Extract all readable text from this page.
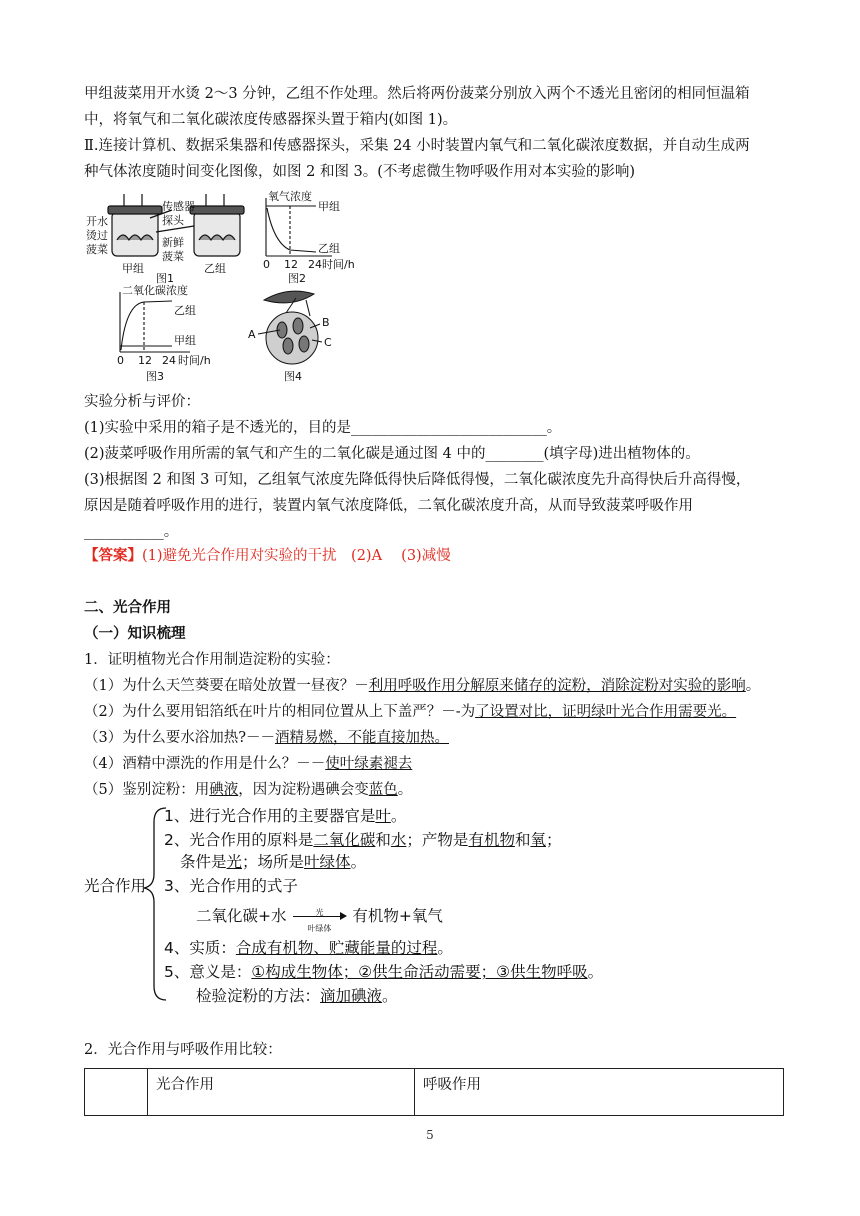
甲组菠菜用开水烫 2～3 分钟，乙组不作处理。然后将两份菠菜分别放入两个不透光且密闭的相同恒温箱
中，将氧气和二氧化碳浓度传感器探头置于箱内(如图 1)。
Ⅱ.连接计算机、数据采集器和传感器探头，采集 24 小时装置内氧气和二氧化碳浓度数据，并自动生成两
种气体浓度随时间变化图像，如图 2 和图 3。(不考虑微生物呼吸作用对本实验的影响)
开水
烫过
菠菜
传感器
探头
新鲜
菠菜
甲组	乙组
图1
氧气浓度
甲组
乙组
0 12 24 时间/h
图2
二氧化碳浓度
乙组
甲组
0 12 24 时间/h
图3
A
B
C
图4
实验分析与评价：
(1)实验中采用的箱子是不透光的，目的是___________________________。
(2)菠菜呼吸作用所需的氧气和产生的二氧化碳是通过图 4 中的________(填字母)进出植物体的。
(3)根据图 2 和图 3 可知，乙组氧气浓度先降低得快后降低得慢，二氧化碳浓度先升高得快后升高得慢，
原因是随着呼吸作用的进行，装置内氧气浓度降低，二氧化碳浓度升高，从而导致菠菜呼吸作用
___________。
【答案】(1)避免光合作用对实验的干扰　(2)A　 (3)减慢
二、光合作用
（一）知识梳理
1．证明植物光合作用制造淀粉的实验：
（1）为什么天竺葵要在暗处放置一昼夜？－利用呼吸作用分解原来储存的淀粉，消除淀粉对实验的影响。
（2）为什么要用铝箔纸在叶片的相同位置从上下盖严？－-为了设置对比，证明绿叶光合作用需要光。
（3）为什么要水浴加热?－－酒精易燃，不能直接加热。
（4）酒精中漂洗的作用是什么？－－使叶绿素褪去
（5）鉴别淀粉：用碘液，因为淀粉遇碘会变蓝色。
光合作用
1、进行光合作用的主要器官是叶。
2、光合作用的原料是二氧化碳和水；产物是有机物和氧；
条件是光；场所是叶绿体。
3、光合作用的式子
二氧化碳+水	光
叶绿体
有机物+氧气
4、实质：合成有机物、贮藏能量的过程。
5、意义是：①构成生物体；②供生命活动需要；③供生物呼吸。
检验淀粉的方法：滴加碘液。
2．光合作用与呼吸作用比较：
	光合作用	呼吸作用
5
